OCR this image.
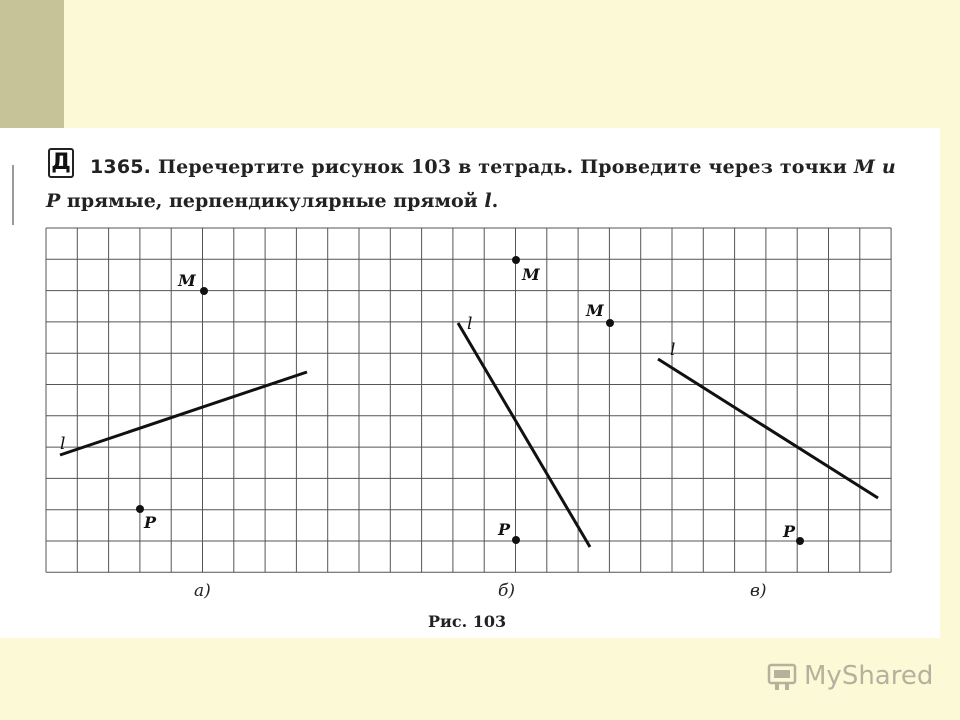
Д 1365. Перечертите рисунок 103 в тетрадь. Проведите через точки M и
P прямые, перпендикулярные прямой l.
l
M
P
а)
l
M
M
P
б)
l
P
в)
Рис. 103
MyShared
